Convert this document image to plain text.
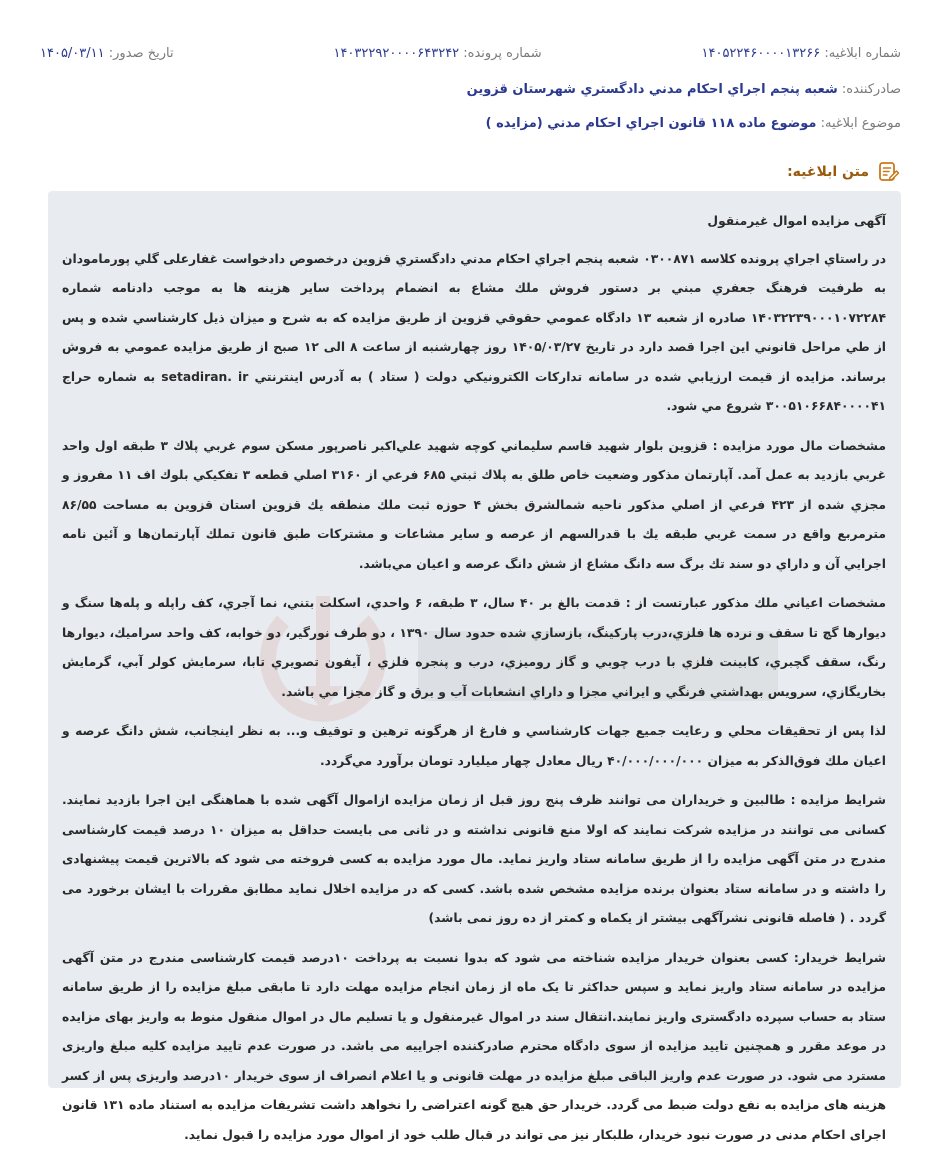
شماره ابلاغیه: ۱۴۰۵۲۲۴۶۰۰۰۰۱۳۲۶۶
شماره پرونده: ۱۴۰۳۲۲۹۲۰۰۰۰۶۴۳۲۴۲
تاریخ صدور: ۱۴۰۵/۰۳/۱۱
صادرکننده: شعبه پنجم اجراي احكام مدني دادگستري شهرستان قزوين
موضوع ابلاغیه: موضوع ماده ۱۱۸ قانون اجراي احكام مدني (مزايده )
متن ابلاغیه:

آگهی مزایده اموال غیرمنقول

در راستاي اجراي پرونده كلاسه ۰۳۰۰۸۷۱ شعبه پنجم اجراي احكام مدني دادگستري قزوين درخصوص دادخواست غفارعلى گلي پورمامودان به طرفيت فرهنگ جعفري مبني بر دستور فروش ملك مشاع به انضمام پرداخت ساير هزينه ها به موجب دادنامه شماره ۱۴۰۳۲۲۳۹۰۰۰۱۰۷۲۲۸۴ صادره از شعبه ۱۳ دادگاه عمومي حقوقي قزوين از طريق مزايده كه به شرح و ميزان ذيل كارشناسي شده و پس از طي مراحل قانوني اين اجرا قصد دارد در تاريخ ۱۴۰۵/۰۳/۲۷ روز چهارشنبه از ساعت ۸ الی ۱۲ صبح از طريق مزايده عمومي به فروش برساند. مزايده از قيمت ارزيابي شده در سامانه تداركات الكترونيكي دولت ( ستاد ) به آدرس اينترنتي setadiran. ir به شماره حراج ۳۰۰۵۱۰۶۶۸۴۰۰۰۰۴۱ شروع مي شود.

مشخصات مال مورد مزايده : قزوين بلوار شهيد قاسم سليماني كوچه شهيد علي‌اكبر ناصرپور مسكن سوم غربي پلاك ۳ طبقه اول واحد غربي بازديد به عمل آمد. آپارتمان مذكور وضعيت خاص طلق به پلاك ثبتي ۶۸۵ فرعي از ۳۱۶۰ اصلي قطعه ۳ تفكيكي بلوك اف ۱۱ مفروز و مجزي شده از ۴۲۳ فرعي از اصلي مذكور ناحيه شمالشرق بخش ۴ حوزه ثبت ملك منطقه يك قزوين استان قزوين به مساحت ۸۶/۵۵ مترمربع واقع در سمت غربي طبقه يك با قدرالسهم از عرصه و ساير مشاعات و مشتركات طبق قانون تملك آپارتمان‌ها و آئين نامه اجرايي آن و داراي دو سند تك برگ سه دانگ مشاع از شش دانگ عرصه و اعيان مي‌باشد.

مشخصات اعياني ملك مذكور عبارتست از : قدمت بالغ بر ۴۰ سال، ۳ طبقه، ۶ واحدي، اسكلت بتني، نما آجري، كف راپله و پله‌ها سنگ و ديوارها گچ تا سقف و نرده ها فلزي،درب پاركينگ، بازسازي شده حدود سال ۱۳۹۰ ، دو طرف نورگير، دو خوابه، كف واحد سراميك، ديوارها رنگ، سقف گچبري، كابينت فلزي با درب چوبي و گاز روميزي، درب و پنجره فلزي ، آيفون تصويري تابا، سرمايش كولر آبي، گرمايش بخاريگازي، سرويس بهداشتي فرنگي و ايراني مجزا و داراي انشعابات آب و برق و گاز مجزا مي باشد.

لذا پس از تحقيقات محلي و رعايت جميع جهات كارشناسي و فارغ از هرگونه ترهين و توقيف و... به نظر اينجانب، شش دانگ عرصه و اعيان ملك فوق‌الذكر به ميزان ۴۰/۰۰۰/۰۰۰/۰۰۰ ريال معادل چهار ميليارد تومان برآورد مي‌گردد.

شرايط مزايده : طالبين و خريداران مى توانند ظرف پنج روز قبل از زمان مزايده ازاموال آگهى شده با هماهنگى اين اجرا بازديد نمايند. كسانى مى توانند در مزايده شركت نمايند كه اولا منع قانونى نداشته و در ثانى مى بايست حداقل به ميزان ۱۰ درصد قيمت كارشناسى مندرج در متن آگهى مزايده را از طريق سامانه ستاد واريز نمايد. مال مورد مزايده به كسى فروخته مى شود كه بالاترين قيمت پيشنهادى را داشته و در سامانه ستاد بعنوان برنده مزايده مشخص شده باشد. كسى كه در مزايده اخلال نمايد مطابق مقررات با ايشان برخورد مى گردد . ( فاصله قانونى نشرآگهى بيشتر از يكماه و كمتر از ده روز نمى باشد)

شرايط خريدار: كسى بعنوان خريدار مزايده شناخته مى شود كه بدوا نسبت به پرداخت ۱۰درصد قيمت كارشناسى مندرج در متن آگهى مزايده در سامانه ستاد واريز نمايد و سپس حداكثر تا يک ماه از زمان انجام مزايده مهلت دارد تا مابقى مبلغ مزايده را از طريق سامانه ستاد به حساب سپرده دادگسترى واريز نمايند.انتقال سند در اموال غيرمنقول و يا تسليم مال در اموال منقول منوط به واريز بهاى مزايده در موعد مقرر و همچنين تاييد مزايده از سوى دادگاه محترم صادركننده اجراييه مى باشد. در صورت عدم تاييد مزايده كليه مبلغ واريزى مسترد مى شود. در صورت عدم واريز الباقى مبلغ مزايده در مهلت قانونى و يا اعلام انصراف از سوى خريدار ۱۰درصد واريزى پس از كسر هزينه هاى مزايده به نفع دولت ضبط مى گردد. خريدار حق هيچ گونه اعتراضى را نخواهد داشت تشريفات مزايده به استناد ماده ۱۳۱ قانون اجراى احكام مدنى در صورت نبود خريدار، طلبكار نيز مى تواند در قبال طلب خود از اموال مورد مزايده را قبول نمايد.
